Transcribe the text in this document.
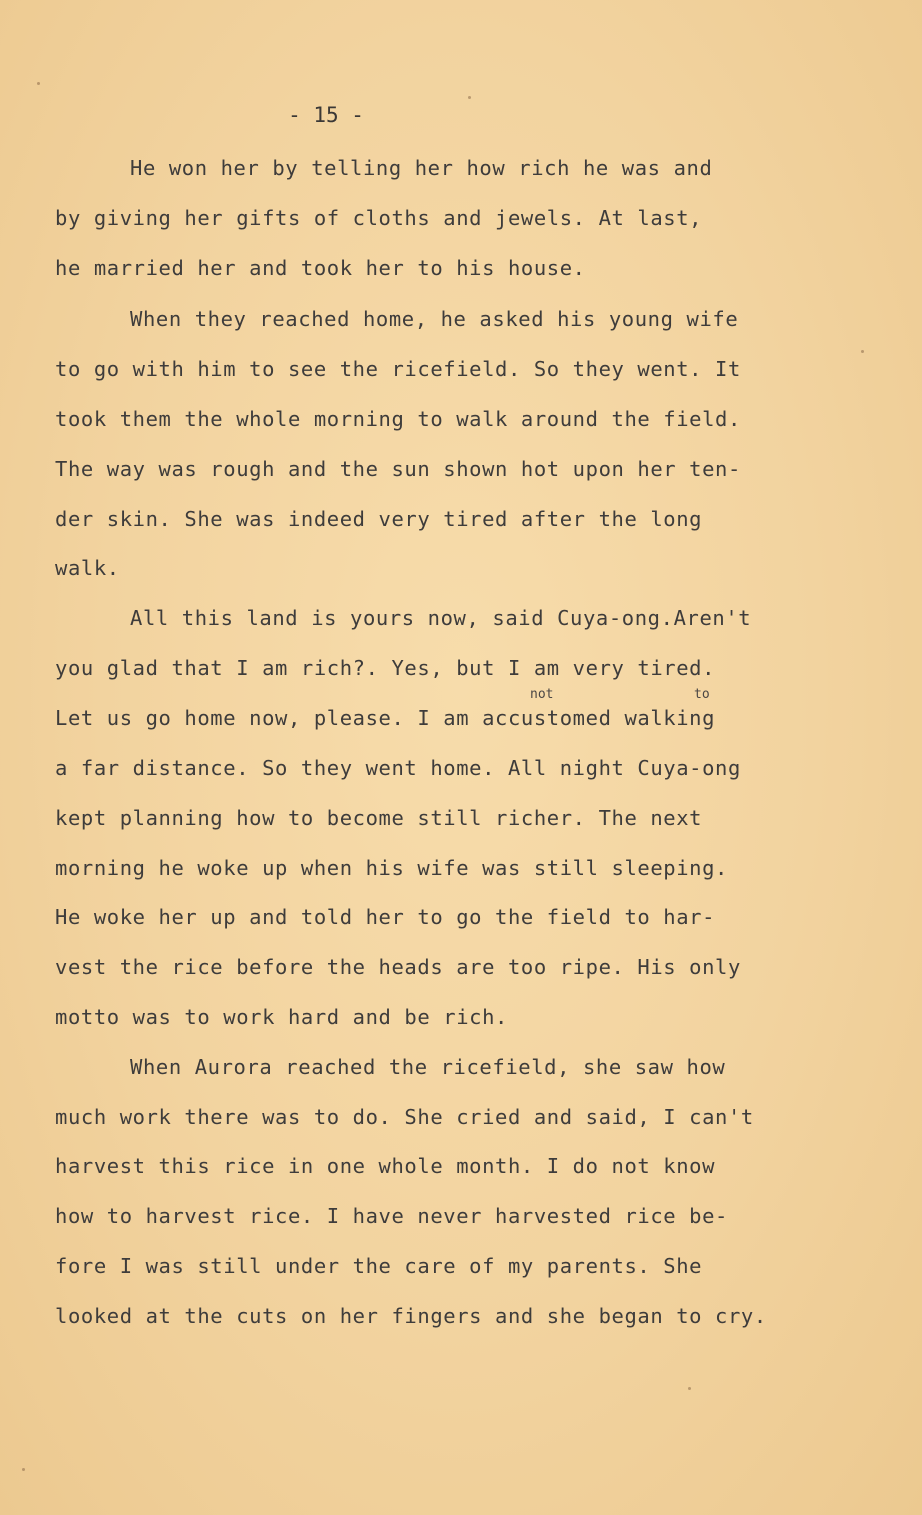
- 15 -
He won her by telling her how rich he was and
by giving her gifts of cloths and jewels. At last,
he married her and took her to his house.
When they reached home, he asked his young wife
to go with him to see the ricefield. So they went. It
took them the whole morning to walk around the field.
The way was rough and the sun shown hot upon her ten-
der skin. She was indeed very tired after the long
walk.
All this land is yours now, said Cuya-ong.Aren't
you glad that I am rich?. Yes, but I am very tired.
not	to
Let us go home now, please. I am accustomed walking
a far distance. So they went home. All night Cuya-ong
kept planning how to become still richer. The next
morning he woke up when his wife was still sleeping.
He woke her up and told her to go the field to har-
vest the rice before the heads are too ripe. His only
motto was to work hard and be rich.
When Aurora reached the ricefield, she saw how
much work there was to do. She cried and said, I can't
harvest this rice in one whole month. I do not know
how to harvest rice. I have never harvested rice be-
fore I was still under the care of my parents. She
looked at the cuts on her fingers and she began to cry.
